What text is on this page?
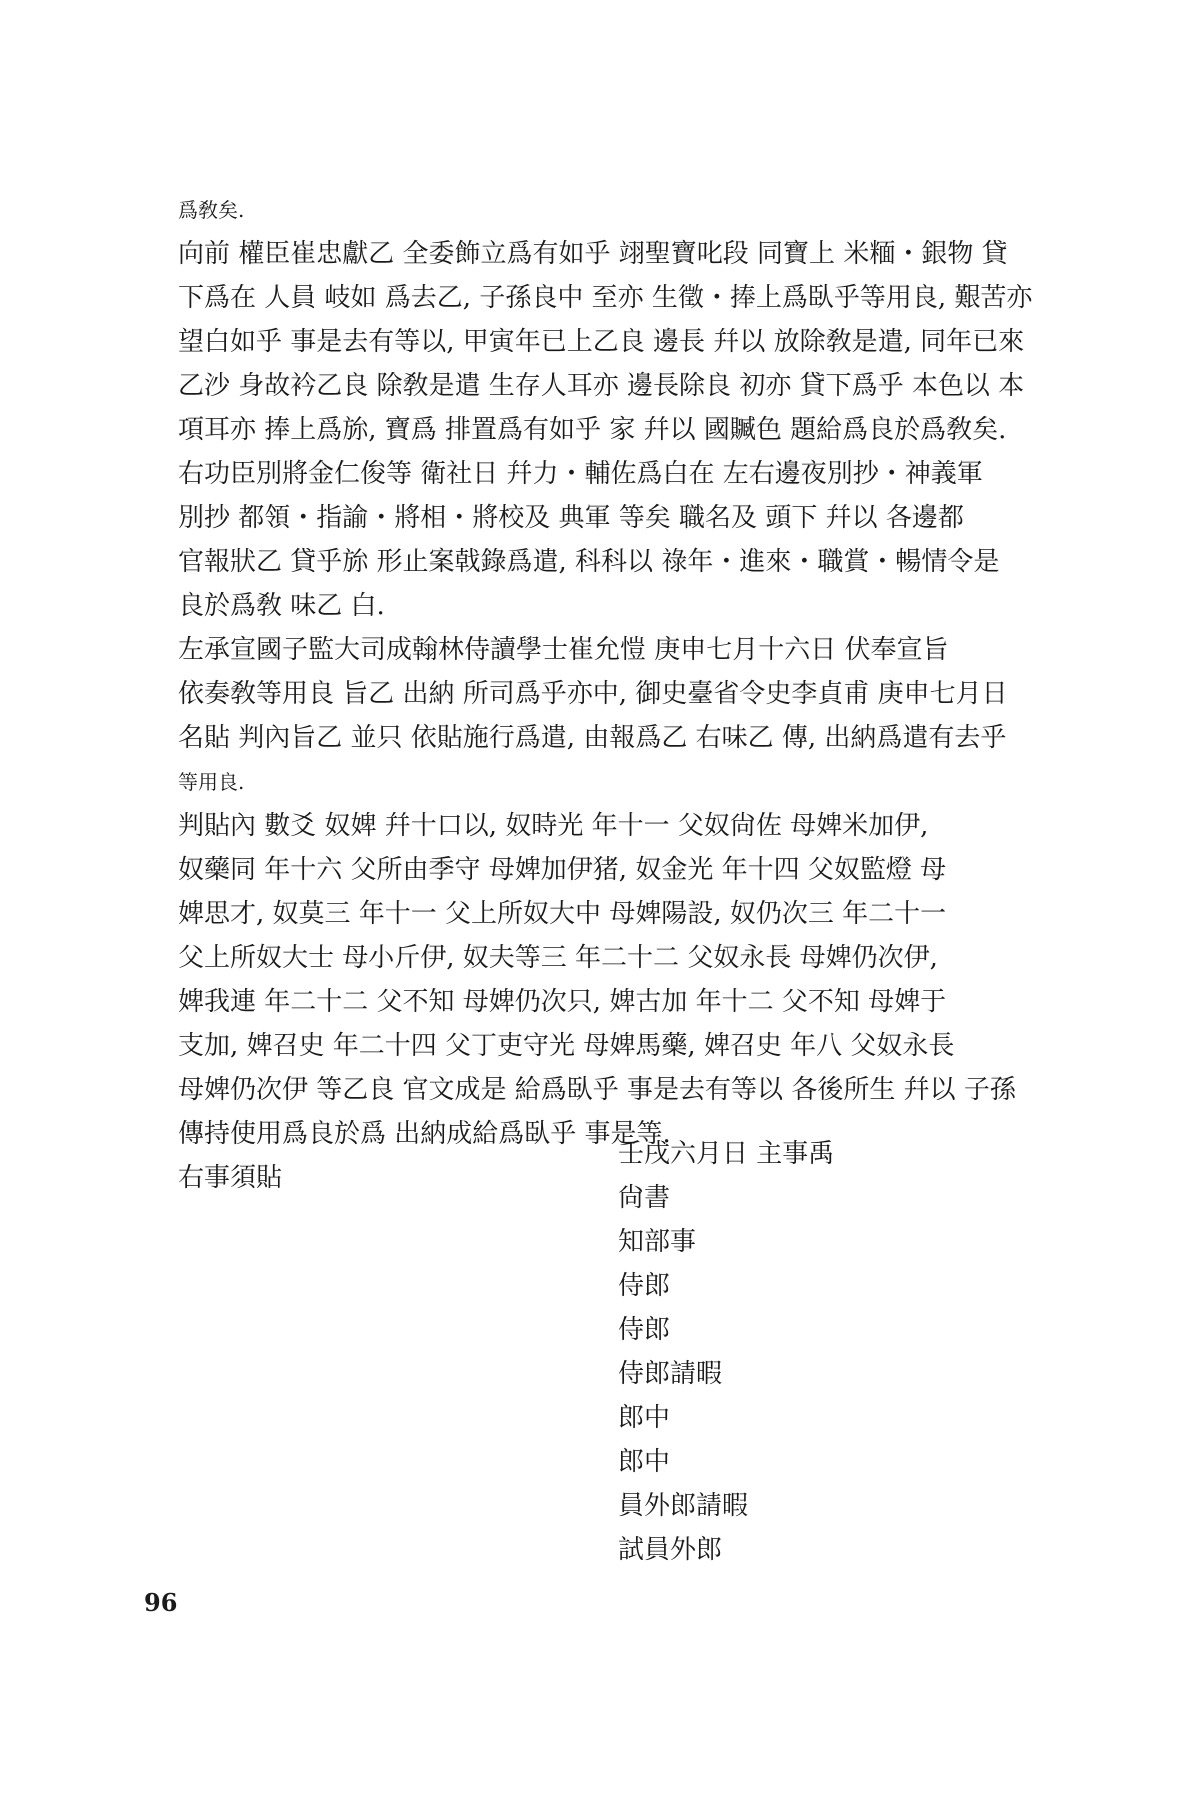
爲敎矣.
向前 權臣崔忠獻乙 全委飾立爲有如乎 翊聖寶叱段 同寶上 米糆・銀物 貸
下爲在 人員 岐如 爲去乙, 子孫良中 至亦 生徵・捧上爲臥乎等用良, 艱苦亦
望白如乎 事是去有等以, 甲寅年已上乙良 邊長 幷以 放除敎是遣, 同年已來
乙沙 身故衿乙良 除敎是遣 生存人耳亦 邊長除良 初亦 貸下爲乎 本色以 本
項耳亦 捧上爲旀, 寶爲 排置爲有如乎 家 幷以 國贓色 題給爲良於爲敎矣.
右功臣別將金仁俊等 衛社日 幷力・輔佐爲白在 左右邊夜別抄・神義軍
別抄 都領・指諭・將相・將校及 典軍 等矣 職名及 頭下 幷以 各邊都
官報狀乙 貸乎旀 形止案戟錄爲遣, 科科以 祿年・進來・職賞・暢情令是
良於爲敎 味乙 白.
左承宣國子監大司成翰林侍讀學士崔允愷 庚申七月十六日 伏奉宣旨
依奏敎等用良 旨乙 出納 所司爲乎亦中, 御史臺省令史李貞甫 庚申七月日
名貼 判內旨乙 並只 依貼施行爲遣, 由報爲乙 右味乙 傳, 出納爲遣有去乎
等用良.
判貼內 數爻 奴婢 幷十口以, 奴時光 年十一 父奴尙佐 母婢米加伊,
奴藥同 年十六 父所由季守 母婢加伊猪, 奴金光 年十四 父奴監燈 母
婢思才, 奴莫三 年十一 父上所奴大中 母婢陽設, 奴仍次三 年二十一
父上所奴大士 母小斤伊, 奴夫等三 年二十二 父奴永長 母婢仍次伊,
婢我連 年二十二 父不知 母婢仍次只, 婢古加 年十二 父不知 母婢于
支加, 婢召史 年二十四 父丁吏守光 母婢馬藥, 婢召史 年八 父奴永長
母婢仍次伊 等乙良 官文成是 給爲臥乎 事是去有等以 各後所生 幷以 子孫
傳持使用爲良於爲 出納成給爲臥乎 事是等.
右事須貼
壬戌六月日 主事禹
尙書
知部事
侍郎
侍郎
侍郎請暇
郎中
郎中
員外郎請暇
試員外郎
96
